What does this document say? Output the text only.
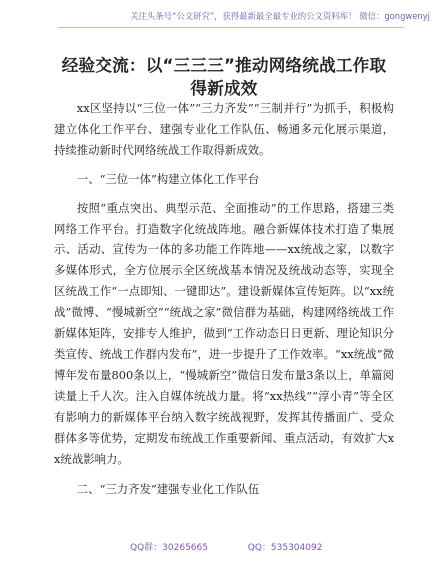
关注头条号“公文研究”，获得最新最全最专业的公文资料库！ 微信：gongwenyj
经验交流：以“三三三”推动网络统战工作取得新成效

xx区坚持以“三位一体”“三力齐发”“三制并行”为抓手，积极构建立体化工作平台、建强专业化工作队伍、畅通多元化展示渠道，持续推动新时代网络统战工作取得新成效。

一、“三位一体”构建立体化工作平台

按照“重点突出、典型示范、全面推动”的工作思路，搭建三类网络工作平台。打造数字化统战阵地。融合新媒体技术打造了集展示、活动、宣传为一体的多功能工作阵地——xx统战之家，以数字多媒体形式，全方位展示全区统战基本情况及统战动态等，实现全区统战工作“一点即知、一键即达”。建设新媒体宣传矩阵。以“xx统战”微博、“慢城新空”“统战之家”微信群为基础，构建网络统战工作新媒体矩阵，安排专人维护，做到“工作动态日日更新、理论知识分类宣传、统战工作群内发布”，进一步提升了工作效率。“xx统战”微博年发布量800条以上，“慢城新空”微信日发布量3条以上，单篇阅读量上千人次。注入自媒体统战力量。将“xx热线”“淳小青”等全区有影响力的新媒体平台纳入数字统战视野，发挥其传播面广、受众群体多等优势，定期发布统战工作重要新闻、重点活动，有效扩大xx统战影响力。

二、“三力齐发”建强专业化工作队伍

QQ群：30265665	QQ：535304092
